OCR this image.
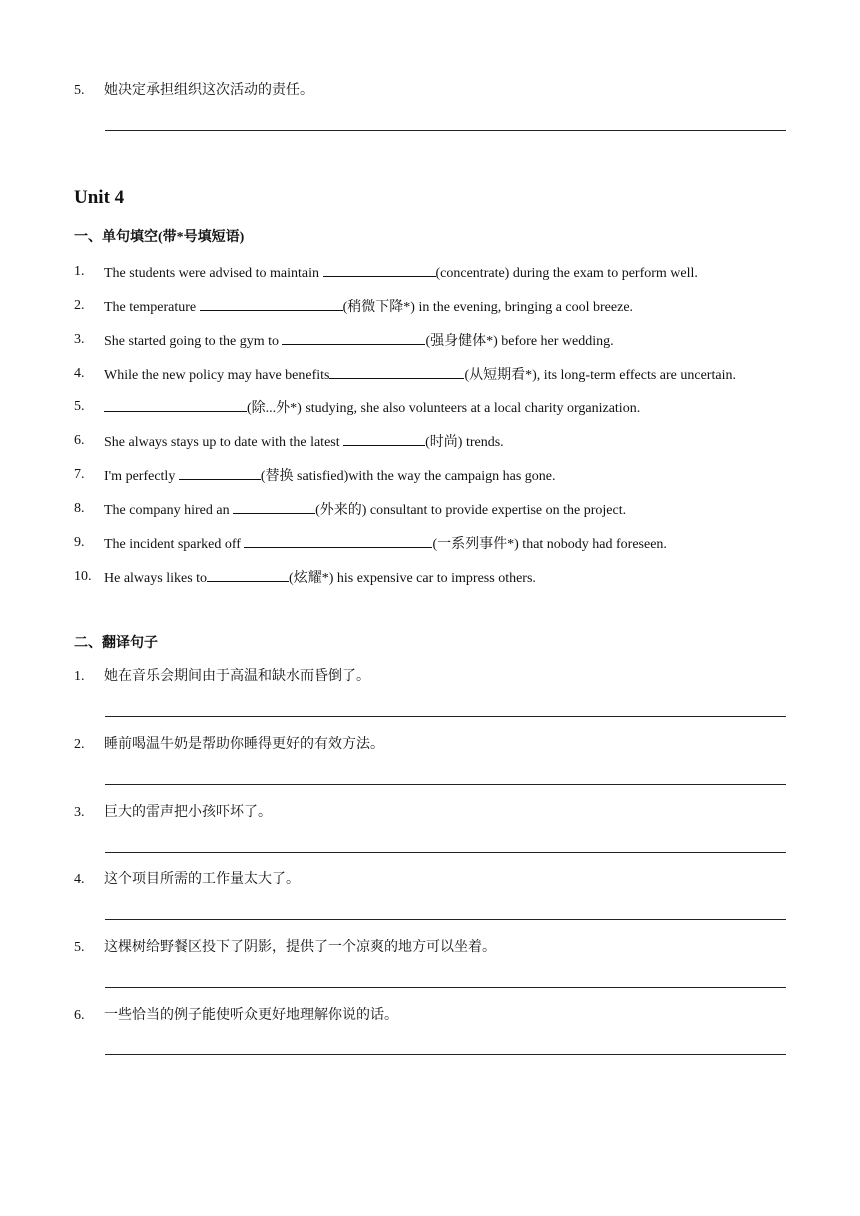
5.	她决定承担组织这次活动的责任。
Unit 4
一、单句填空(带*号填短语)
1.	The students were advised to maintain	(concentrate) during the exam to perform well.
2.	The temperature	(稍微下降*) in the evening, bringing a cool breeze.
3.	She started going to the gym to	(强身健体*) before her wedding.
4.	While the new policy may have benefits	(从短期看*), its long-term effects are uncertain.
5.	(除...外*) studying, she also volunteers at a local charity organization.
6.	She always stays up to date with the latest	(时尚) trends.
7.	I'm perfectly	(替换 satisfied)with the way the campaign has gone.
8.	The company hired an	(外来的) consultant to provide expertise on the project.
9.	The incident sparked off	(一系列事件*) that nobody had foreseen.
10. He always likes to	(炫耀*) his expensive car to impress others.
二、翻译句子
1.	她在音乐会期间由于高温和缺水而昏倒了。
2.	睡前喝温牛奶是帮助你睡得更好的有效方法。
3.	巨大的雷声把小孩吓坏了。
4.	这个项目所需的工作量太大了。
5.	这棵树给野餐区投下了阴影，提供了一个凉爽的地方可以坐着。
6.	一些恰当的例子能使听众更好地理解你说的话。
